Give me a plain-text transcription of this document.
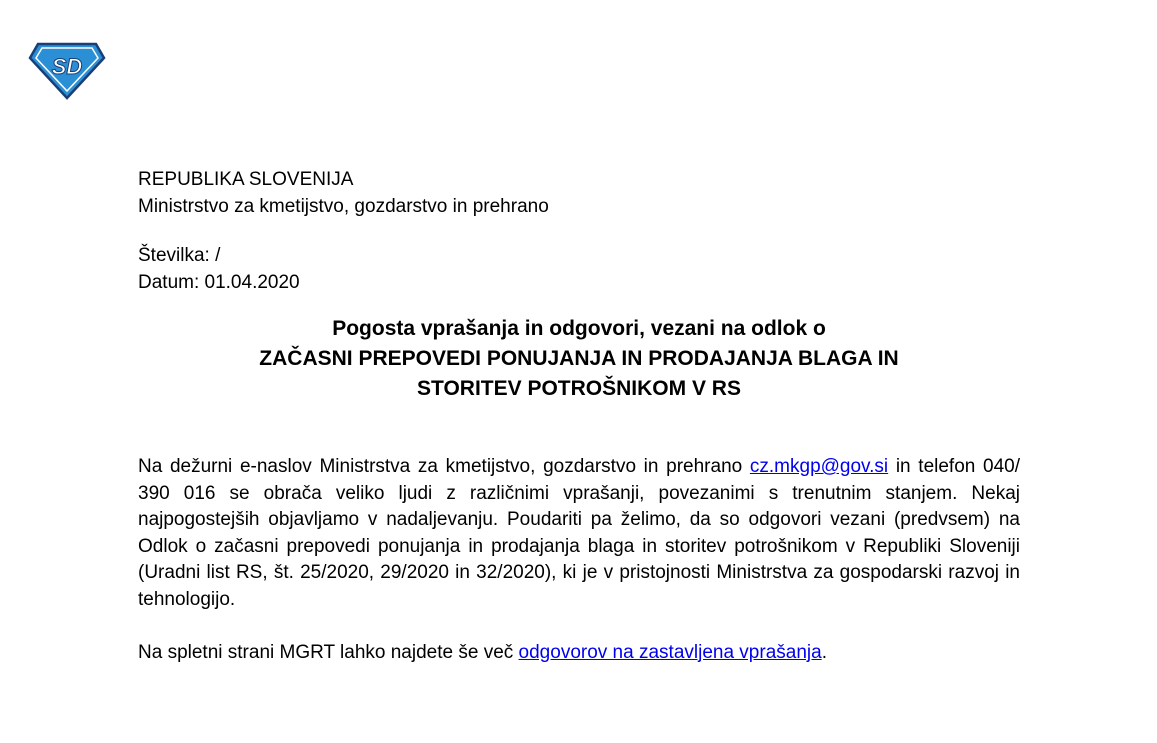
SD

REPUBLIKA SLOVENIJA

Ministrstvo za kmetijstvo, gozdarstvo in prehrano

Številka: /

Datum: 01.04.2020

Pogosta vprašanja in odgovori, vezani na odlok o
ZAČASNI PREPOVEDI PONUJANJA IN PRODAJANJA BLAGA IN
STORITEV POTROŠNIKOM V RS

Na dežurni e-naslov Ministrstva za kmetijstvo, gozdarstvo in prehrano cz.mkgp@gov.si in telefon 040/ 390 016 se obrača veliko ljudi z različnimi vprašanji, povezanimi s trenutnim stanjem. Nekaj najpogostejših objavljamo v nadaljevanju. Poudariti pa želimo, da so odgovori vezani (predvsem) na Odlok o začasni prepovedi ponujanja in prodajanja blaga in storitev potrošnikom v Republiki Sloveniji (Uradni list RS, št. 25/2020, 29/2020 in 32/2020), ki je v pristojnosti Ministrstva za gospodarski razvoj in tehnologijo.

Na spletni strani MGRT lahko najdete še več odgovorov na zastavljena vprašanja.
